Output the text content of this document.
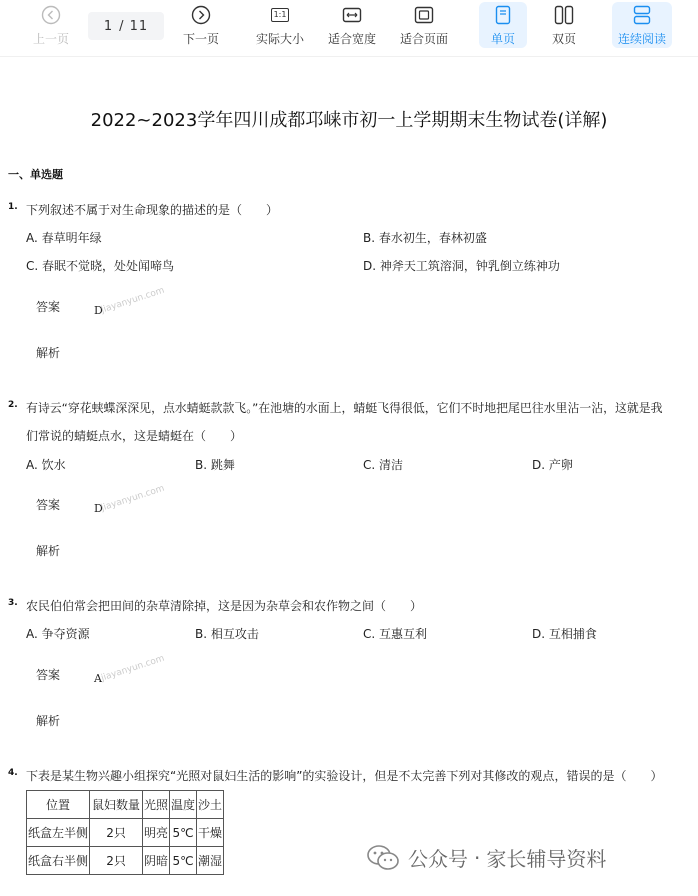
上一页
1 / 11
下一页
1:1
实际大小 适合宽度 适合页面	单页	双页	连续阅读
2022~2023学年四川成都邛崃市初一上学期期末生物试卷(详解)
一、单选题
1. 下列叙述不属于对生命现象的描述的是（　　）
A. 春草明年绿	B. 春水初生，春林初盛
C. 春眠不觉晓，处处闻啼鸟	D. 神斧天工筑溶洞，钟乳倒立练神功
答案	D
jiayanyun.com
解析
2. 有诗云“穿花蛱蝶深深见，点水蜻蜓款款飞。”在池塘的水面上，蜻蜓飞得很低，它们不时地把尾巴往水里沾一沾，这就是我
们常说的蜻蜓点水，这是蜻蜓在（　　）
A. 饮水	B. 跳舞	C. 清洁	D. 产卵
答案	D
jiayanyun.com
解析
3. 农民伯伯常会把田间的杂草清除掉，这是因为杂草会和农作物之间（　　）
A. 争夺资源	B. 相互攻击	C. 互惠互利	D. 互相捕食
答案	A
jiayanyun.com
解析
4. 下表是某生物兴趣小组探究“光照对鼠妇生活的影响”的实验设计，但是不太完善下列对其修改的观点，错误的是（　　）
位置	鼠妇数量	光照	温度	沙土
纸盒左半侧	2只	明亮	5℃	干燥
纸盒右半侧	2只	阴暗	5℃	潮湿	公众号 · 家长辅导资料
